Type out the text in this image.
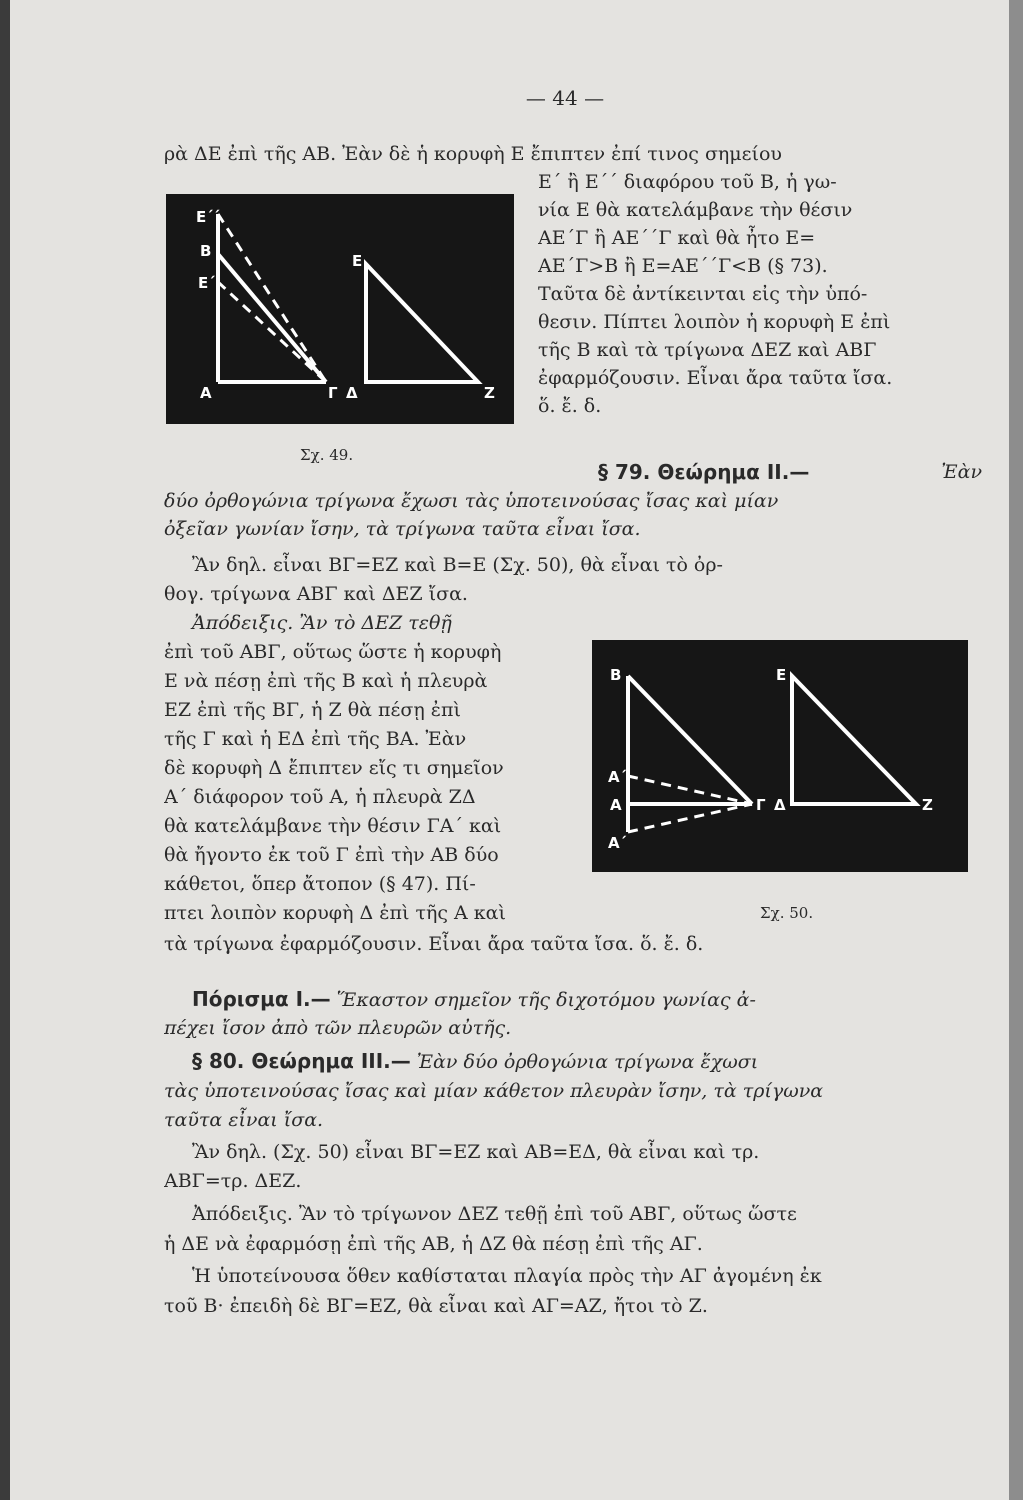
— 44 —
ρὰ ΔΕ ἐπὶ τῆς ΑΒ. Ἐὰν δὲ ἡ κορυφὴ Ε ἔπιπτεν ἐπί τινος σημείου
Ε΄ ἢ Ε΄΄ διαφόρου τοῦ Β, ἡ γω-
νία Ε θὰ κατελάμβανε τὴν θέσιν
ΑΕ΄Γ ἢ ΑΕ΄΄Γ καὶ θὰ ἦτο Ε=
ΑΕ΄Γ>Β ἢ Ε=ΑΕ΄΄Γ<Β (§ 73).
Ταῦτα δὲ ἀντίκεινται εἰς τὴν ὑπό-
θεσιν. Πίπτει λοιπὸν ἡ κορυφὴ Ε ἐπὶ
τῆς Β καὶ τὰ τρίγωνα ΔΕΖ καὶ ΑΒΓ
ἐφαρμόζουσιν. Εἶναι ἄρα ταῦτα ἴσα.
ὅ. ἔ. δ.
Ε΄΄
Β
Ε΄
Α	Γ Δ
Ε
Ζ
Σχ. 49.
§ 79. Θεώρημα ΙΙ.—	Ἐὰν
δύο ὀρθογώνια τρίγωνα ἔχωσι τὰς ὑποτεινούσας ἴσας καὶ μίαν
ὀξεῖαν γωνίαν ἴσην, τὰ τρίγωνα ταῦτα εἶναι ἴσα.
Ἂν δηλ. εἶναι ΒΓ=ΕΖ καὶ Β=Ε (Σχ. 50), θὰ εἶναι τὸ ὀρ-
θογ. τρίγωνα ΑΒΓ καὶ ΔΕΖ ἴσα.
Ἀπόδειξις. Ἂν τὸ ΔΕΖ τεθῇ
ἐπὶ τοῦ ΑΒΓ, οὕτως ὥστε ἡ κορυφὴ
Ε νὰ πέσῃ ἐπὶ τῆς Β καὶ ἡ πλευρὰ
ΕΖ ἐπὶ τῆς ΒΓ, ἡ Ζ θὰ πέσῃ ἐπὶ
τῆς Γ καὶ ἡ ΕΔ ἐπὶ τῆς ΒΑ. Ἐὰν
δὲ κορυφὴ Δ ἔπιπτεν εἴς τι σημεῖον
Α΄ διάφορον τοῦ Α, ἡ πλευρὰ ΖΔ
θὰ κατελάμβανε τὴν θέσιν ΓΑ΄ καὶ
θὰ ἤγοντο ἐκ τοῦ Γ ἐπὶ τὴν ΑΒ δύο
κάθετοι, ὅπερ ἄτοπον (§ 47). Πί-
πτει λοιπὸν κορυφὴ Δ ἐπὶ τῆς Α καὶ
τὰ τρίγωνα ἐφαρμόζουσιν. Εἶναι ἄρα ταῦτα ἴσα. ὅ. ἔ. δ.
Β
Α΄
Α
Α΄
Γ Δ
Ε
Ζ
Σχ. 50.
Πόρισμα Ι.— Ἕκαστον σημεῖον τῆς διχοτόμου γωνίας ἀ-
πέχει ἴσον ἀπὸ τῶν πλευρῶν αὐτῆς.
§ 80. Θεώρημα ΙΙΙ.— Ἐὰν δύο ὀρθογώνια τρίγωνα ἔχωσι
τὰς ὑποτεινούσας ἴσας καὶ μίαν κάθετον πλευρὰν ἴσην, τὰ τρίγωνα
ταῦτα εἶναι ἴσα.
Ἂν δηλ. (Σχ. 50) εἶναι ΒΓ=ΕΖ καὶ ΑΒ=ΕΔ, θὰ εἶναι καὶ τρ.
ΑΒΓ=τρ. ΔΕΖ.
Ἀπόδειξις. Ἂν τὸ τρίγωνον ΔΕΖ τεθῇ ἐπὶ τοῦ ΑΒΓ, οὕτως ὥστε
ἡ ΔΕ νὰ ἐφαρμόσῃ ἐπὶ τῆς ΑΒ, ἡ ΔΖ θὰ πέσῃ ἐπὶ τῆς ΑΓ.
Ἡ ὑποτείνουσα ὅθεν καθίσταται πλαγία πρὸς τὴν ΑΓ ἀγομένη ἐκ
τοῦ Β· ἐπειδὴ δὲ ΒΓ=ΕΖ, θὰ εἶναι καὶ ΑΓ=ΑΖ, ἤτοι τὸ Ζ.
